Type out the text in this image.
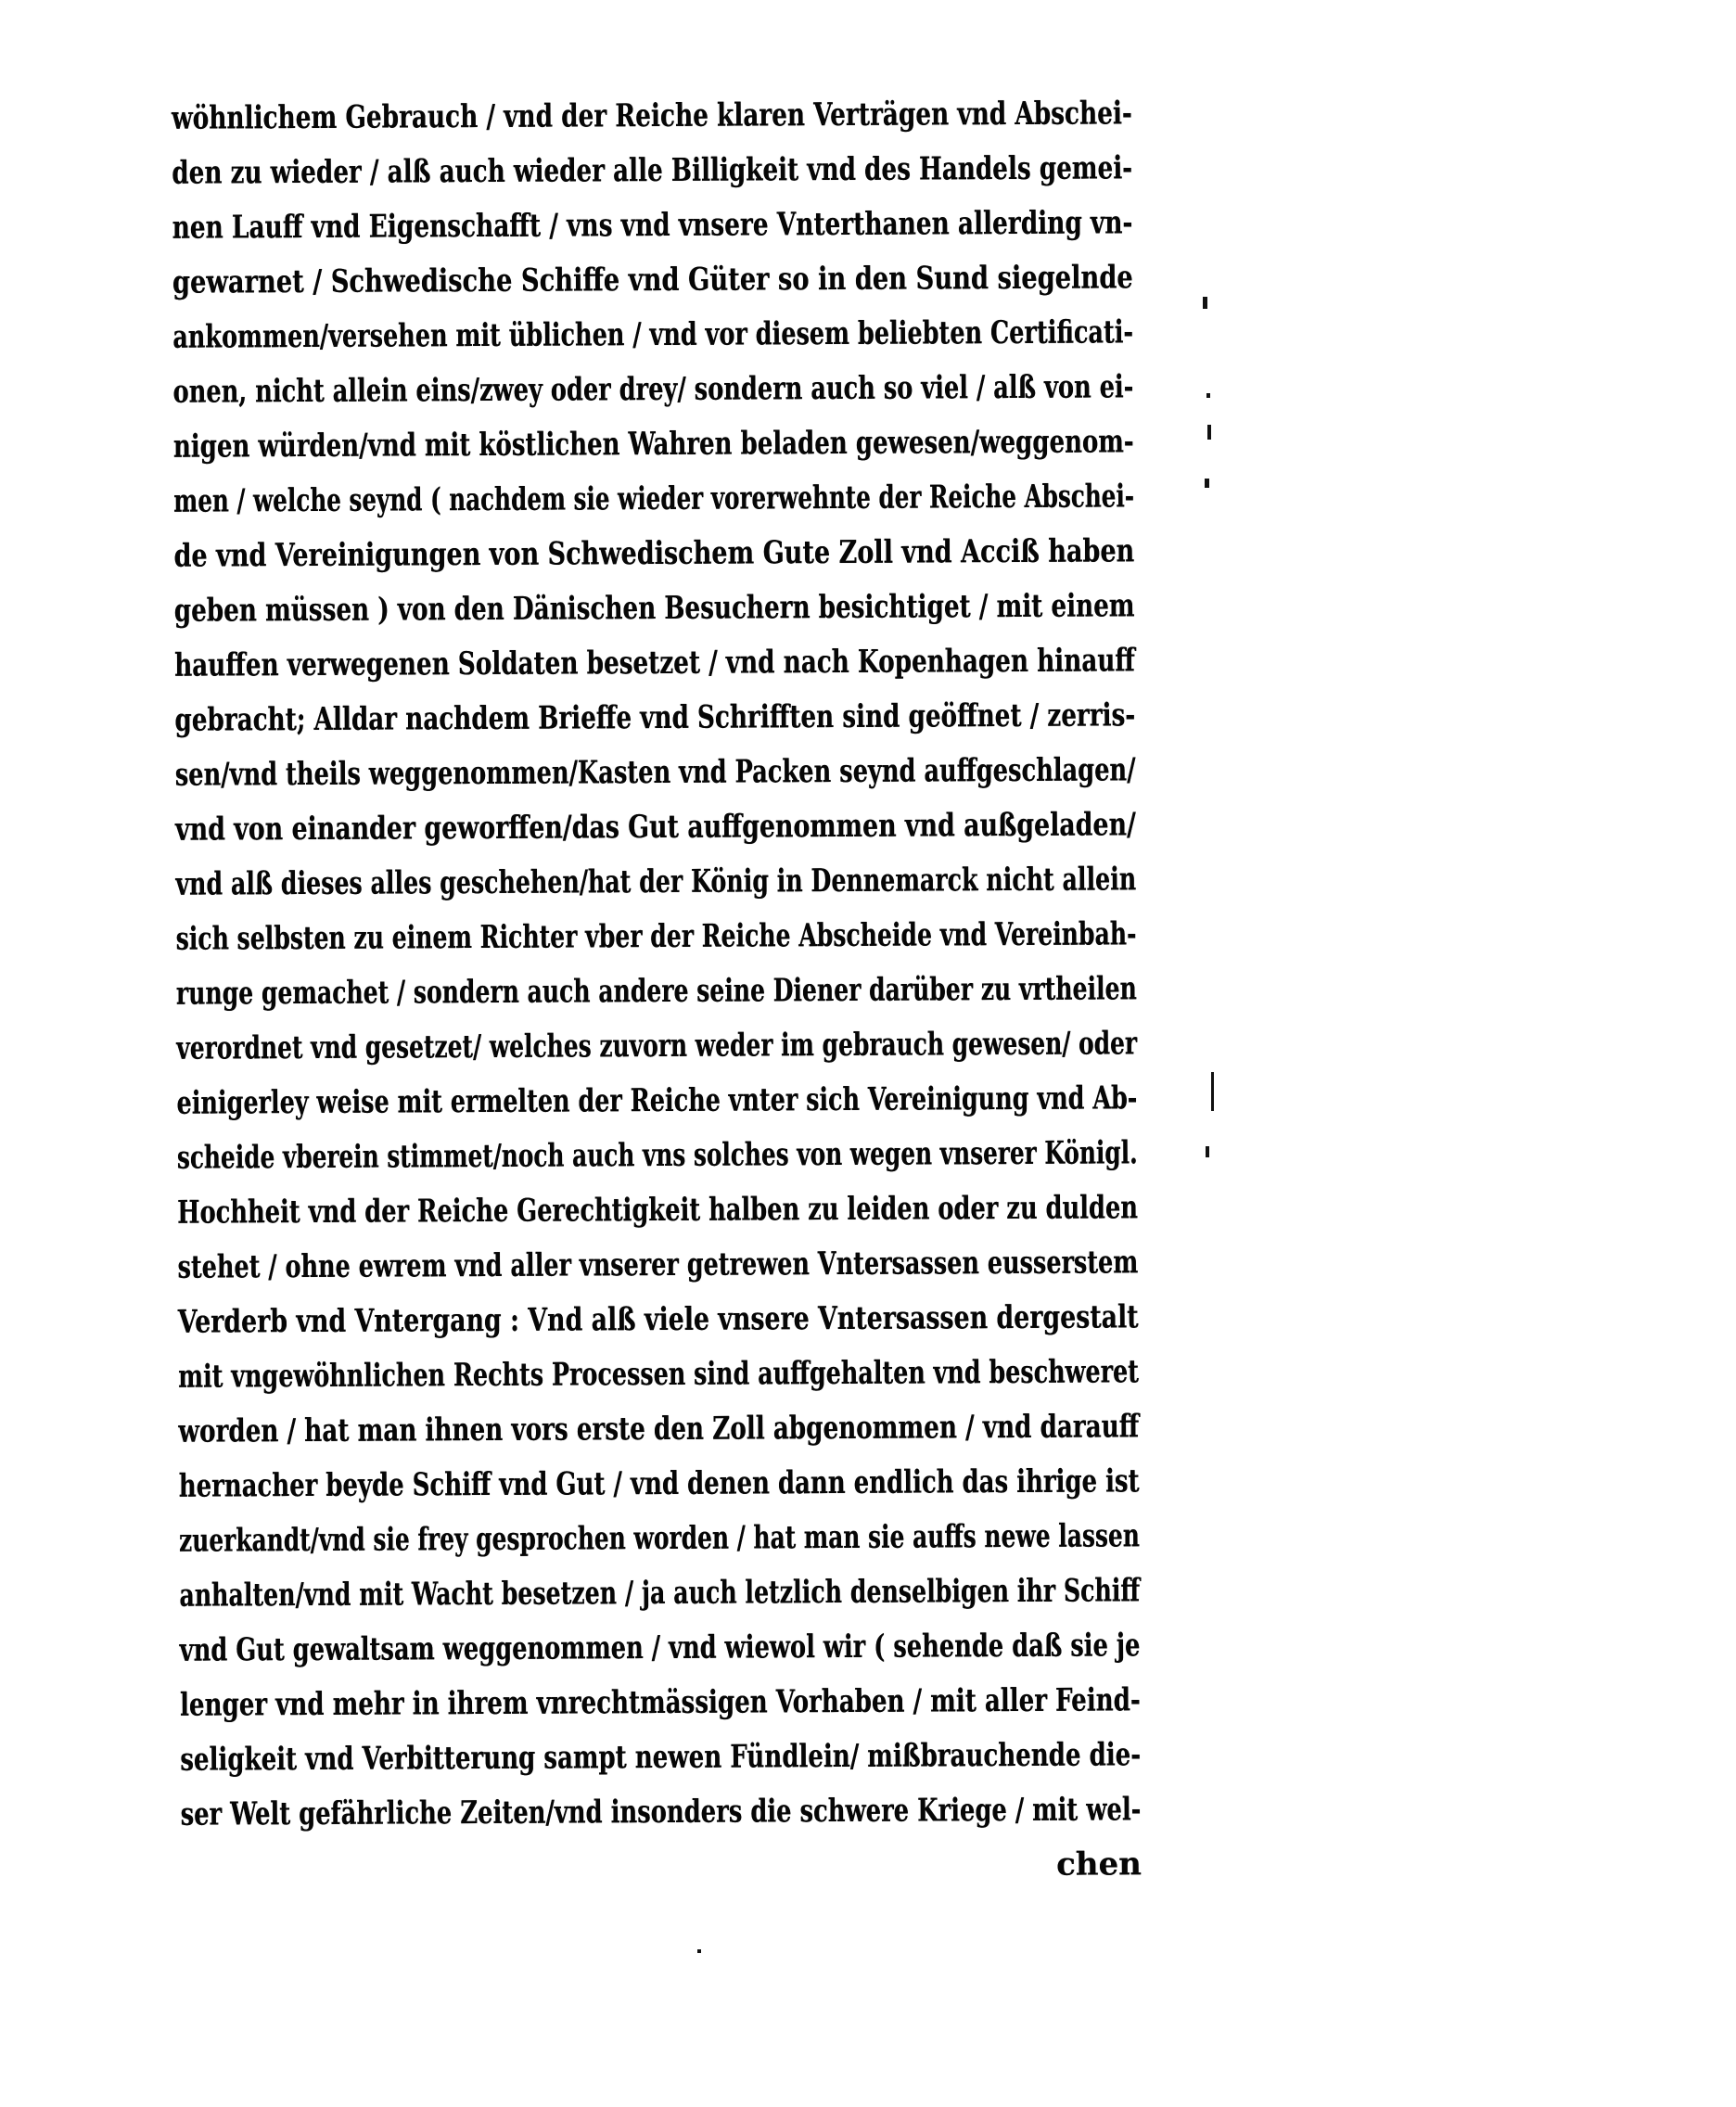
wöhnlichem Gebrauch / vnd der Reiche klaren Verträgen vnd Abschei-
den zu wieder / alß auch wieder alle Billigkeit vnd des Handels gemei-
nen Lauff vnd Eigenschafft / vns vnd vnsere Vnterthanen allerding vn-
gewarnet / Schwedische Schiffe vnd Güter so in den Sund siegelnde
ankommen/versehen mit üblichen / vnd vor diesem beliebten Certificati-
onen, nicht allein eins/zwey oder drey/ sondern auch so viel / alß von ei-
nigen würden/vnd mit köstlichen Wahren beladen gewesen/weggenom-
men / welche seynd ( nachdem sie wieder vorerwehnte der Reiche Abschei-
de vnd Vereinigungen von Schwedischem Gute Zoll vnd Acciß haben
geben müssen ) von den Dänischen Besuchern besichtiget / mit einem
hauffen verwegenen Soldaten besetzet / vnd nach Kopenhagen hinauff
gebracht; Alldar nachdem Brieffe vnd Schrifften sind geöffnet / zerris-
sen/vnd theils weggenommen/Kasten vnd Packen seynd auffgeschlagen/
vnd von einander geworffen/das Gut auffgenommen vnd außgeladen/
vnd alß dieses alles geschehen/hat der König in Dennemarck nicht allein
sich selbsten zu einem Richter vber der Reiche Abscheide vnd Vereinbah-
runge gemachet / sondern auch andere seine Diener darüber zu vrtheilen
verordnet vnd gesetzet/ welches zuvorn weder im gebrauch gewesen/ oder
einigerley weise mit ermelten der Reiche vnter sich Vereinigung vnd Ab-
scheide vberein stimmet/noch auch vns solches von wegen vnserer Königl.
Hochheit vnd der Reiche Gerechtigkeit halben zu leiden oder zu dulden
stehet / ohne ewrem vnd aller vnserer getrewen Vntersassen eusserstem
Verderb vnd Vntergang : Vnd alß viele vnsere Vntersassen dergestalt
mit vngewöhnlichen Rechts Processen sind auffgehalten vnd beschweret
worden / hat man ihnen vors erste den Zoll abgenommen / vnd darauff
hernacher beyde Schiff vnd Gut / vnd denen dann endlich das ihrige ist
zuerkandt/vnd sie frey gesprochen worden / hat man sie auffs newe lassen
anhalten/vnd mit Wacht besetzen / ja auch letzlich denselbigen ihr Schiff
vnd Gut gewaltsam weggenommen / vnd wiewol wir ( sehende daß sie je
lenger vnd mehr in ihrem vnrechtmässigen Vorhaben / mit aller Feind-
seligkeit vnd Verbitterung sampt newen Fündlein/ mißbrauchende die-
ser Welt gefährliche Zeiten/vnd insonders die schwere Kriege / mit wel-
chen
